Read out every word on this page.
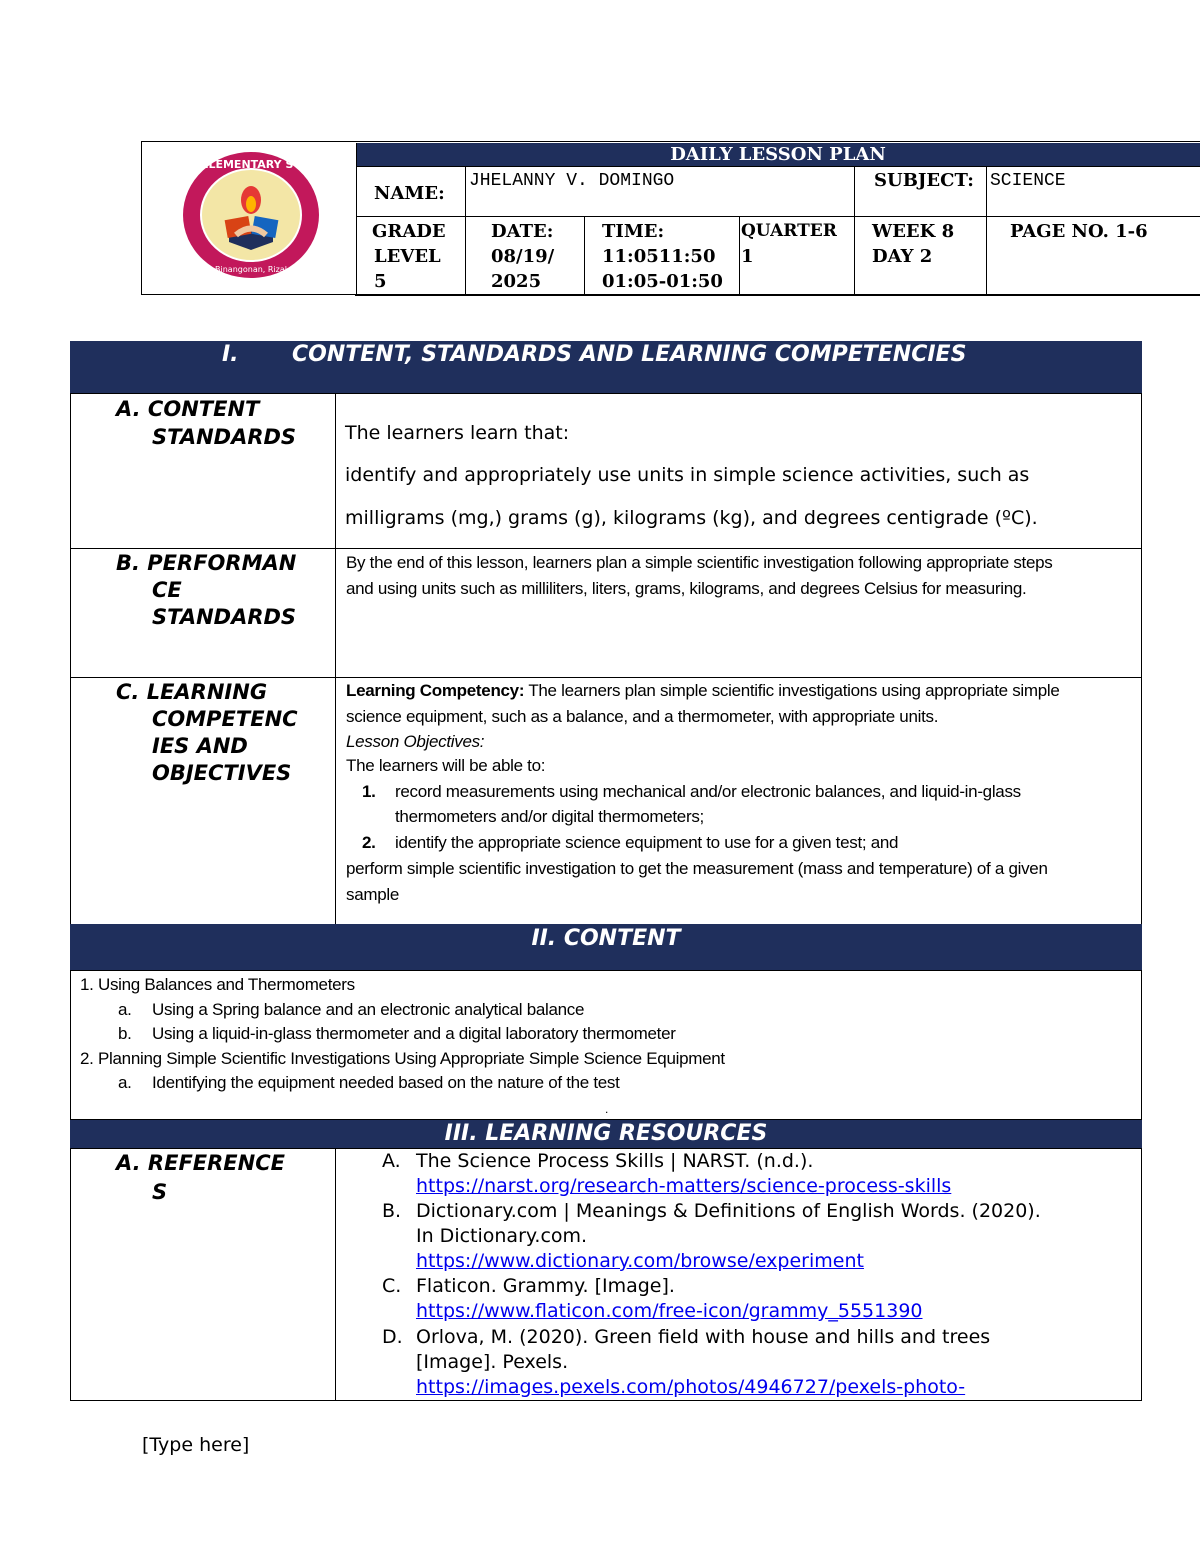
LIBIS ELEMENTARY SCHOOL
Binangonan, Rizal
DAILY LESSON PLAN
NAME:
JHELANNY V. DOMINGO	SUBJECT: SCIENCE
GRADE
LEVEL
5
DATE:
08/19/
2025
TIME:
11:0511:50
01:05-01:50
QUARTER
1
WEEK 8
DAY 2
PAGE NO. 1-6
I. CONTENT, STANDARDS AND LEARNING COMPETENCIES
A. CONTENT
STANDARDS	The learners learn that:
identify and appropriately use units in simple science activities, such as
milligrams (mg,) grams (g), kilograms (kg), and degrees centigrade (ºC).
B. PERFORMAN
CE
STANDARDS
By the end of this lesson, learners plan a simple scientific investigation following appropriate steps
and using units such as milliliters, liters, grams, kilograms, and degrees Celsius for measuring.
C. LEARNING
COMPETENC
IES AND
OBJECTIVES
Learning Competency: The learners plan simple scientific investigations using appropriate simple
science equipment, such as a balance, and a thermometer, with appropriate units.
Lesson Objectives:
The learners will be able to:
1. record measurements using mechanical and/or electronic balances, and liquid-in-glass
thermometers and/or digital thermometers;
2. identify the appropriate science equipment to use for a given test; and
perform simple scientific investigation to get the measurement (mass and temperature) of a given
sample
II. CONTENT
1. Using Balances and Thermometers
a. Using a Spring balance and an electronic analytical balance
b. Using a liquid-in-glass thermometer and a digital laboratory thermometer
2. Planning Simple Scientific Investigations Using Appropriate Simple Science Equipment
a. Identifying the equipment needed based on the nature of the test
.
III. LEARNING RESOURCES
A. REFERENCE
S
A. The Science Process Skills | NARST. (n.d.).
https://narst.org/research-matters/science-process-skills
B. Dictionary.com | Meanings & Definitions of English Words. (2020).
In Dictionary.com.
https://www.dictionary.com/browse/experiment
C. Flaticon. Grammy. [Image].
https://www.flaticon.com/free-icon/grammy_5551390
D. Orlova, M. (2020). Green field with house and hills and trees
[Image]. Pexels.
https://images.pexels.com/photos/4946727/pexels-photo-
[Type here]
